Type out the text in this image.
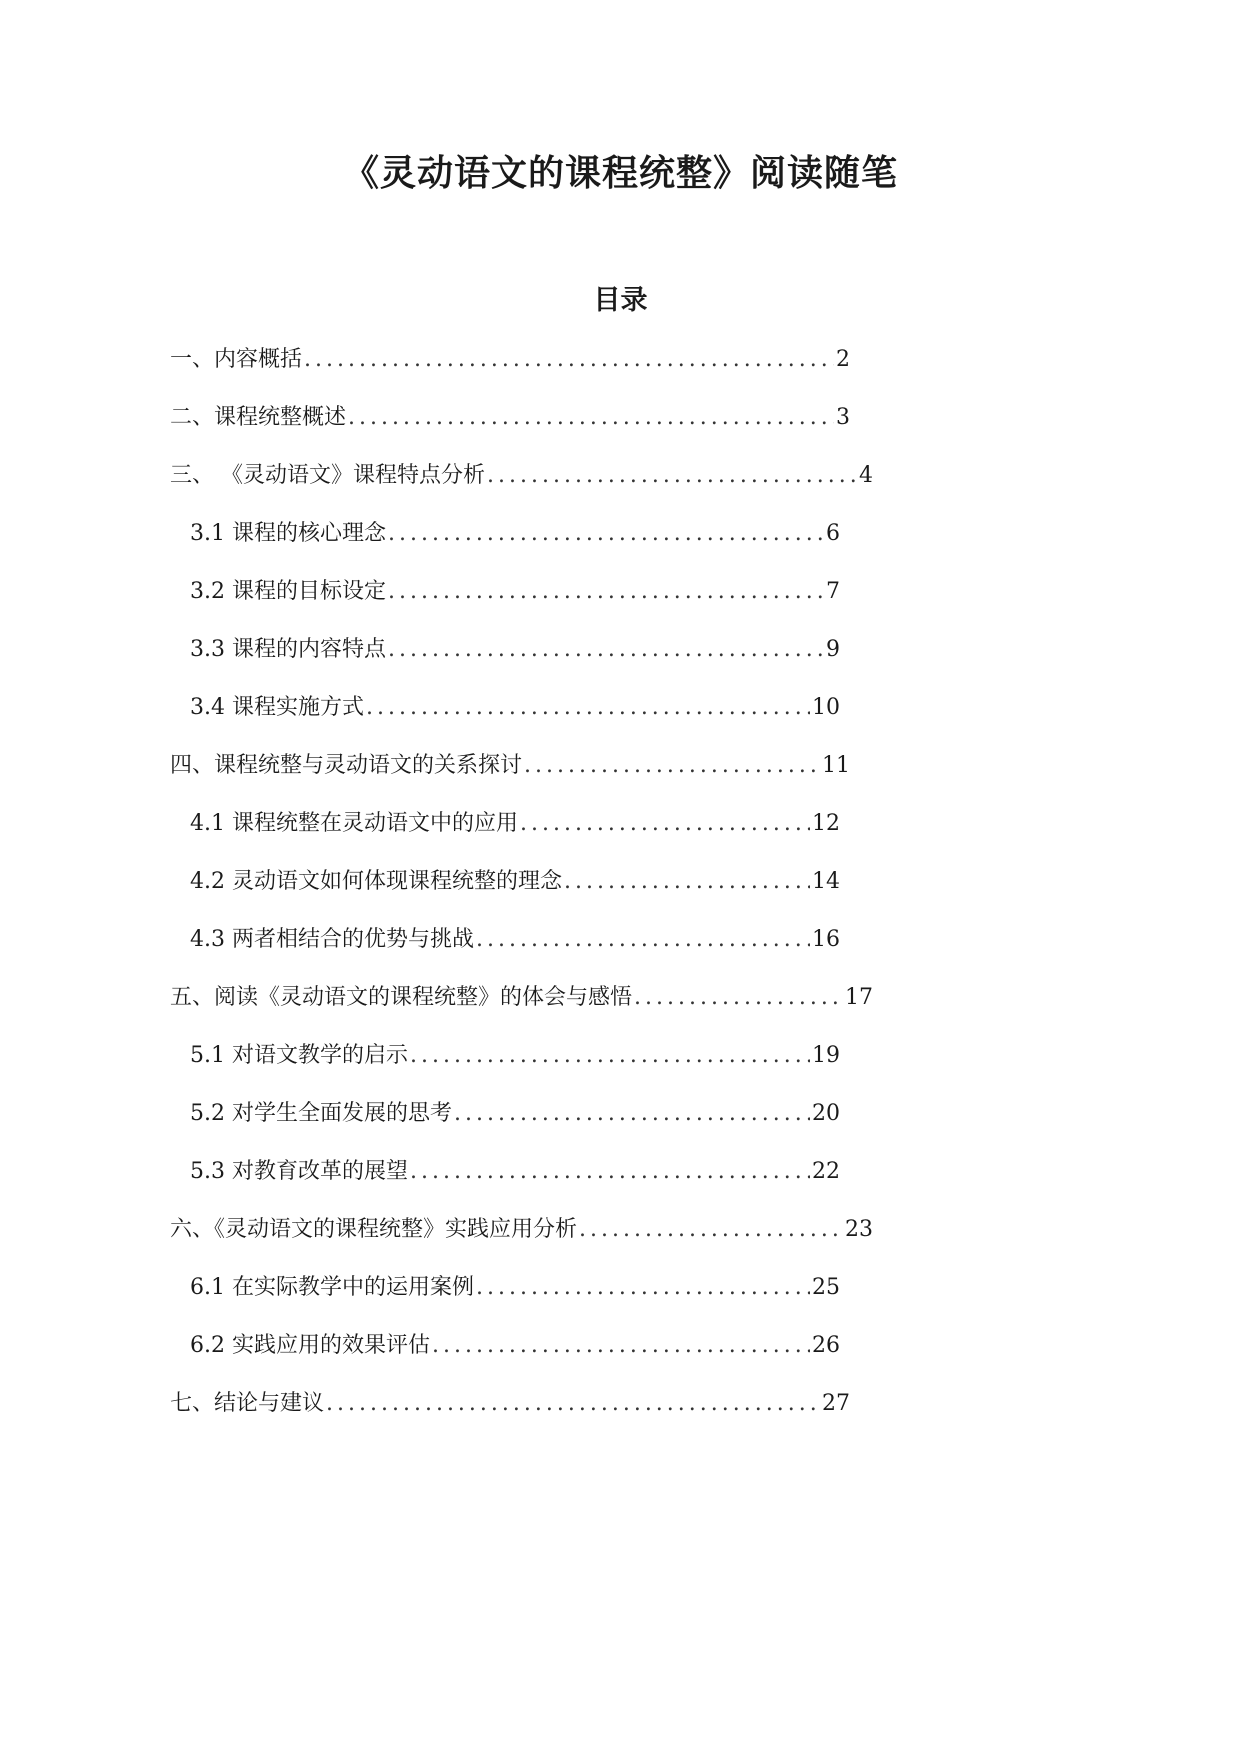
《灵动语文的课程统整》阅读随笔
目录
一、内容概括 .....	2
二、课程统整概述 .....	3
三、 《灵动语文》课程特点分析 .....	4
3.1 课程的核心理念 .....	6
3.2 课程的目标设定 .....	7
3.3 课程的内容特点 .....	9
3.4 课程实施方式 .....	10
四、课程统整与灵动语文的关系探讨 .....	11
4.1 课程统整在灵动语文中的应用 .....	12
4.2 灵动语文如何体现课程统整的理念 .....	14
4.3 两者相结合的优势与挑战 .....	16
五、阅读《灵动语文的课程统整》的体会与感悟 .....	17
5.1 对语文教学的启示 .....	19
5.2 对学生全面发展的思考 .....	20
5.3 对教育改革的展望 .....	22
六、《灵动语文的课程统整》实践应用分析 .....	23
6.1 在实际教学中的运用案例 .....	25
6.2 实践应用的效果评估 .....	26
七、结论与建议 .....	27
